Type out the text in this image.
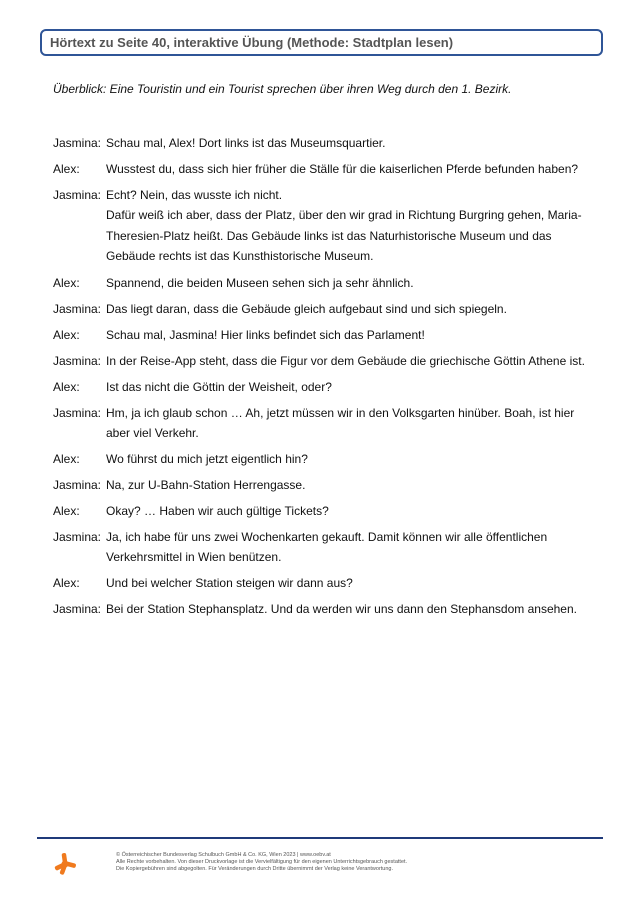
Hörtext zu Seite 40, interaktive Übung (Methode: Stadtplan lesen)
Überblick: Eine Touristin und ein Tourist sprechen über ihren Weg durch den 1. Bezirk.
Jasmina: Schau mal, Alex! Dort links ist das Museumsquartier.
Alex:	Wusstest du, dass sich hier früher die Ställe für die kaiserlichen Pferde befunden haben?
Jasmina: Echt? Nein, das wusste ich nicht.
Dafür weiß ich aber, dass der Platz, über den wir grad in Richtung Burgring gehen, Maria-Theresien-Platz heißt. Das Gebäude links ist das Naturhistorische Museum und das Gebäude rechts ist das Kunsthistorische Museum.
Alex:	Spannend, die beiden Museen sehen sich ja sehr ähnlich.
Jasmina: Das liegt daran, dass die Gebäude gleich aufgebaut sind und sich spiegeln.
Alex:	Schau mal, Jasmina! Hier links befindet sich das Parlament!
Jasmina: In der Reise-App steht, dass die Figur vor dem Gebäude die griechische Göttin Athene ist.
Alex:	Ist das nicht die Göttin der Weisheit, oder?
Jasmina: Hm, ja ich glaub schon … Ah, jetzt müssen wir in den Volksgarten hinüber. Boah, ist hier aber viel Verkehr.
Alex:	Wo führst du mich jetzt eigentlich hin?
Jasmina: Na, zur U-Bahn-Station Herrengasse.
Alex:	Okay? … Haben wir auch gültige Tickets?
Jasmina: Ja, ich habe für uns zwei Wochenkarten gekauft. Damit können wir alle öffentlichen Verkehrsmittel in Wien benützen.
Alex:	Und bei welcher Station steigen wir dann aus?
Jasmina: Bei der Station Stephansplatz. Und da werden wir uns dann den Stephansdom ansehen.
© Österreichischer Bundesverlag Schulbuch GmbH & Co. KG, Wien 2023 | www.oebv.at
Alle Rechte vorbehalten. Von dieser Druckvorlage ist die Vervielfältigung für den eigenen Unterrichtsgebrauch gestattet.
Die Kopiergebühren sind abgegolten. Für Veränderungen durch Dritte übernimmt der Verlag keine Verantwortung.
